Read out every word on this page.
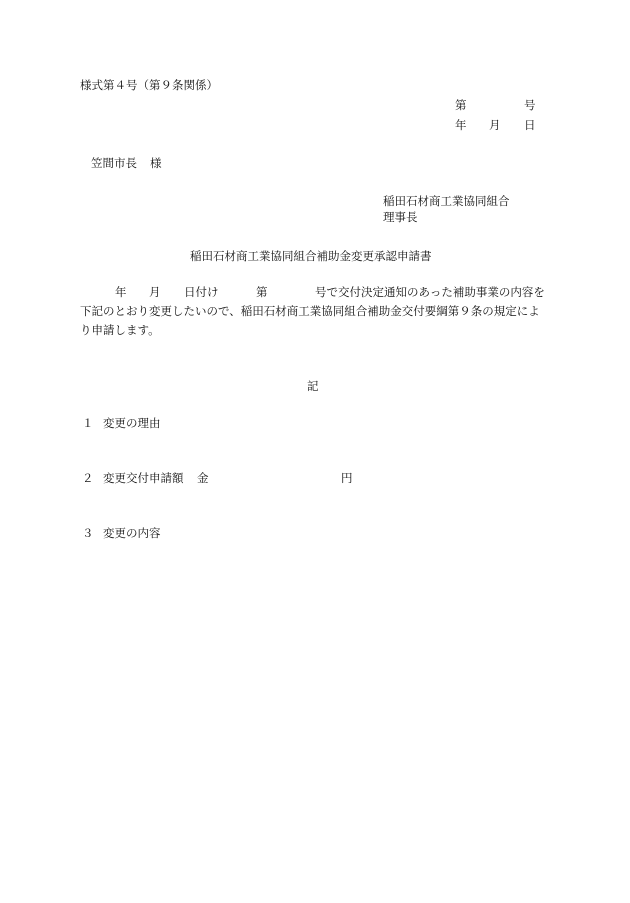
様式第４号（第９条関係）
第	号
年 月 日
笠間市長 様
稲田石材商工業協同組合
理事長
稲田石材商工業協同組合補助金変更承認申請書
年 月 日付け	第	号で交付決定通知のあった補助事業の内容を
下記のとおり変更したいので、稲田石材商工業協同組合補助金交付要綱第９条の規定によ
り申請します。
記
１ 変更の理由
２ 変更交付申請額 金	円
３ 変更の内容
